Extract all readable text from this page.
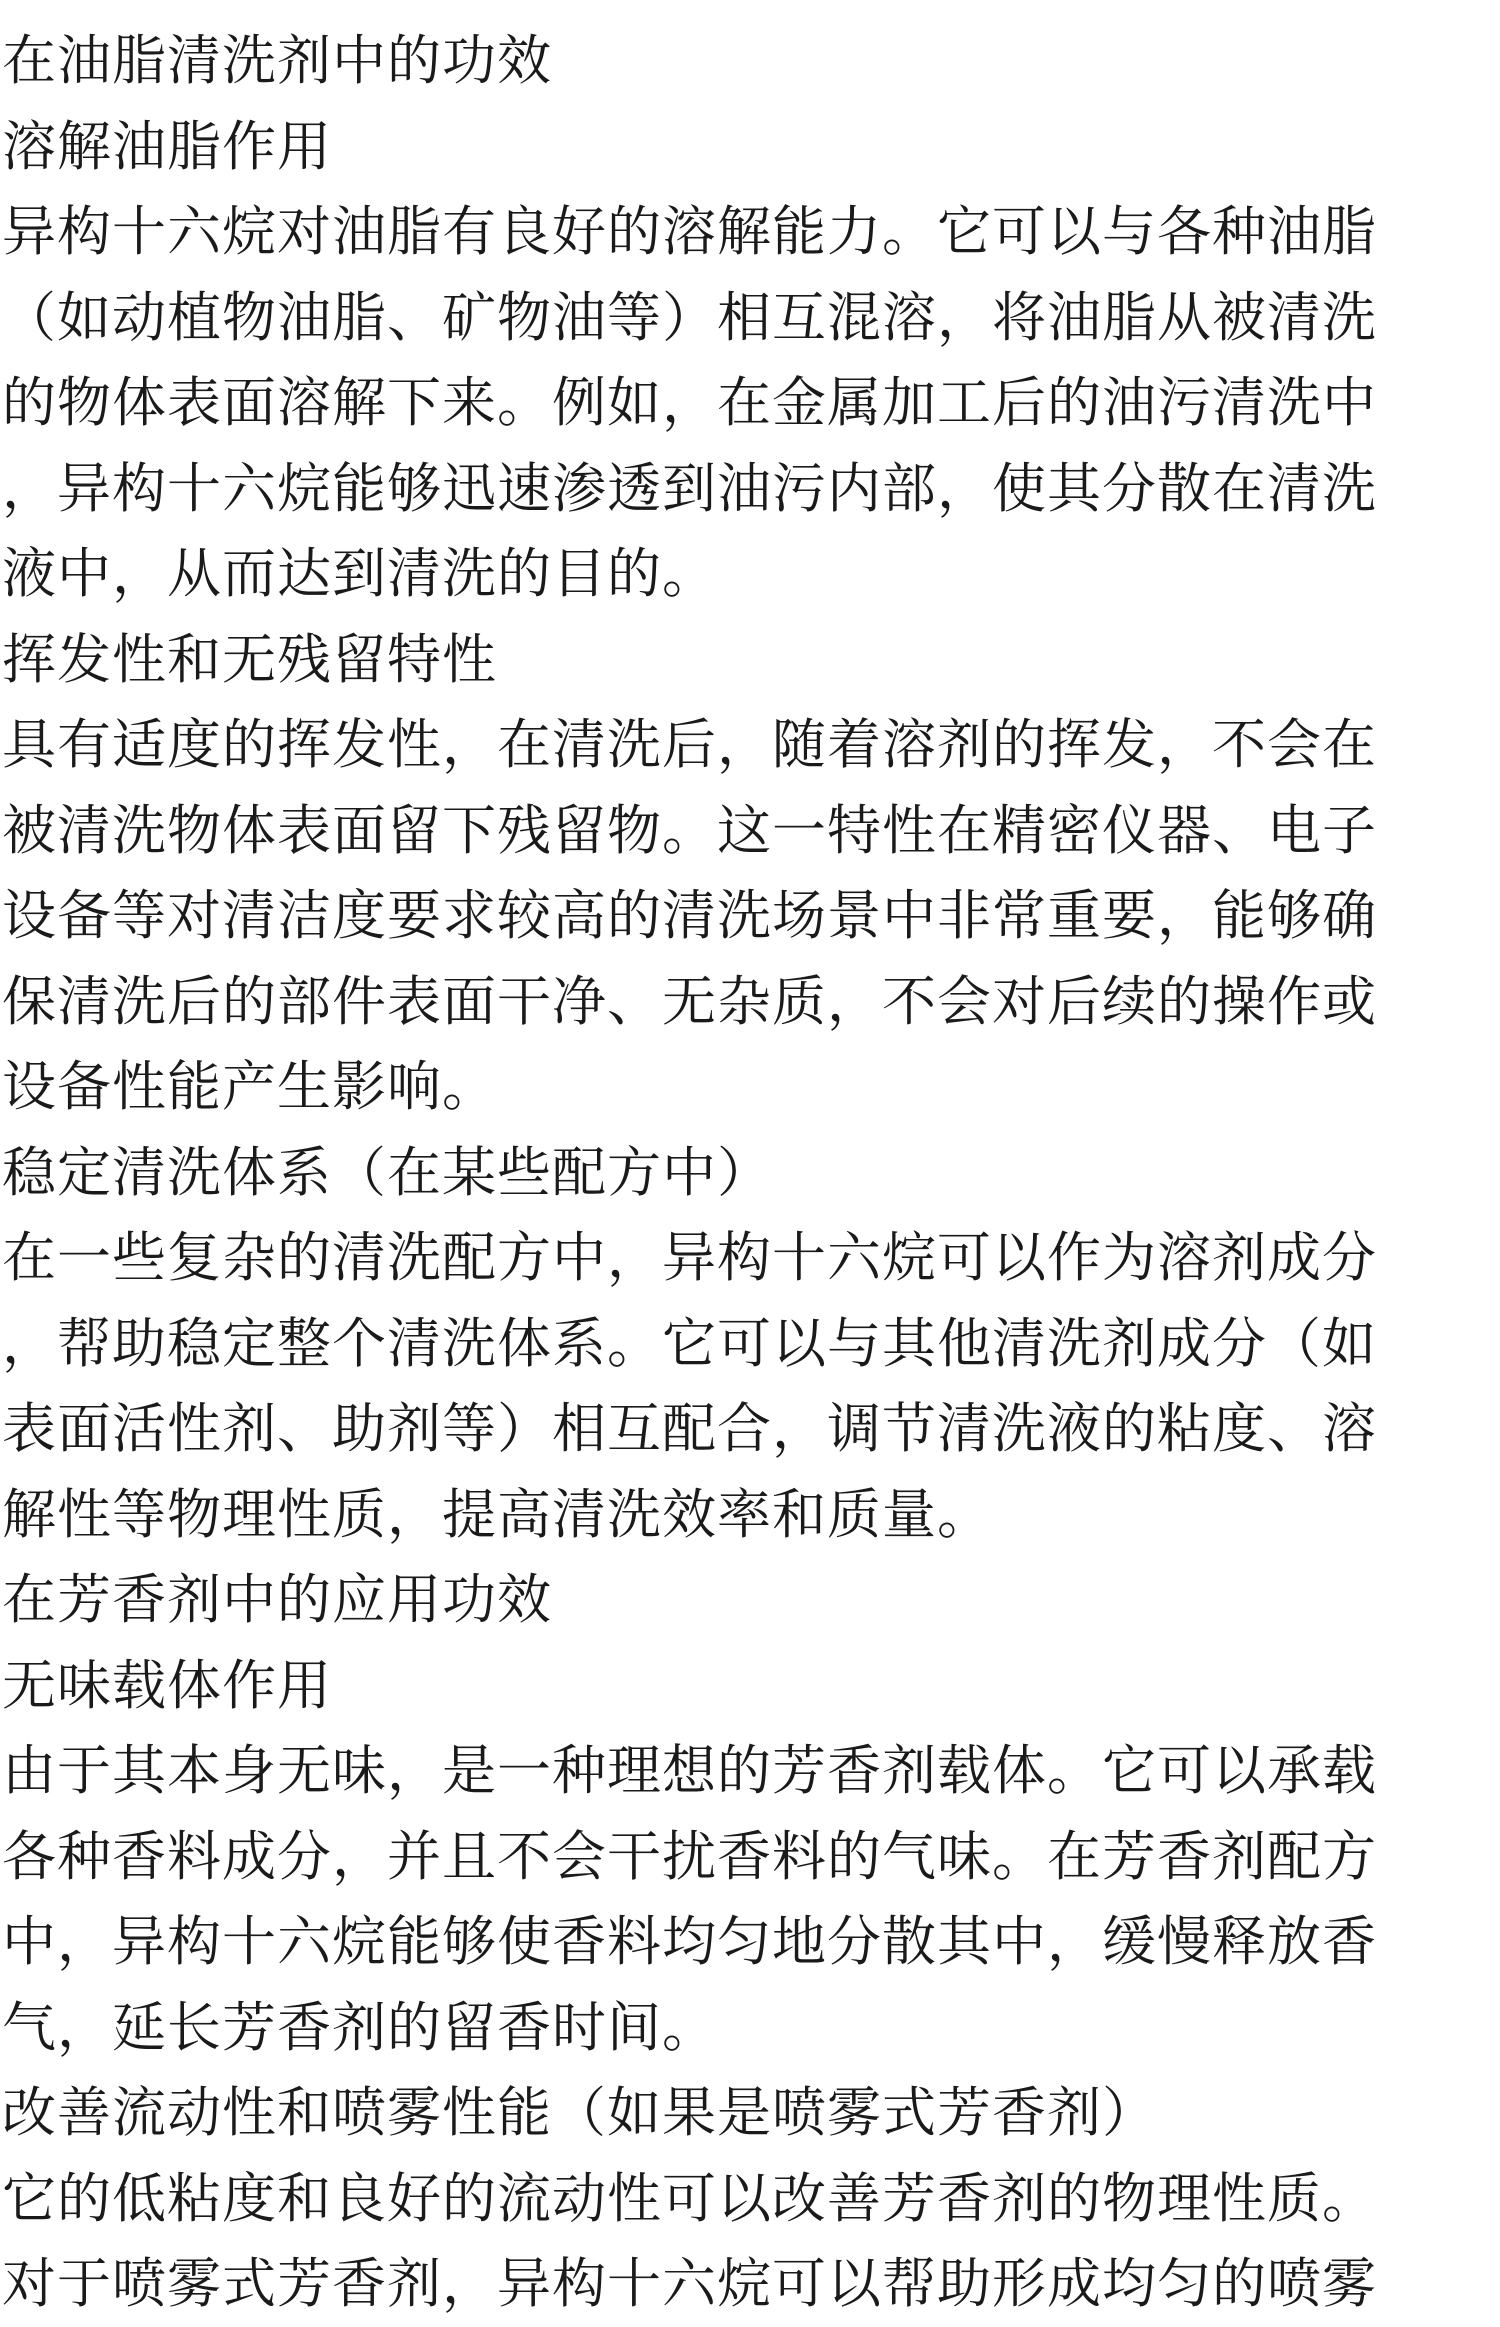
在油脂清洗剂中的功效
溶解油脂作用
异构十六烷对油脂有良好的溶解能力。它可以与各种油脂
（如动植物油脂、矿物油等）相互混溶，将油脂从被清洗
的物体表面溶解下来。例如，在金属加工后的油污清洗中
，异构十六烷能够迅速渗透到油污内部，使其分散在清洗
液中，从而达到清洗的目的。
挥发性和无残留特性
具有适度的挥发性，在清洗后，随着溶剂的挥发，不会在
被清洗物体表面留下残留物。这一特性在精密仪器、电子
设备等对清洁度要求较高的清洗场景中非常重要，能够确
保清洗后的部件表面干净、无杂质，不会对后续的操作或
设备性能产生影响。
稳定清洗体系（在某些配方中）
在一些复杂的清洗配方中，异构十六烷可以作为溶剂成分
，帮助稳定整个清洗体系。它可以与其他清洗剂成分（如
表面活性剂、助剂等）相互配合，调节清洗液的粘度、溶
解性等物理性质，提高清洗效率和质量。
在芳香剂中的应用功效
无味载体作用
由于其本身无味，是一种理想的芳香剂载体。它可以承载
各种香料成分，并且不会干扰香料的气味。在芳香剂配方
中，异构十六烷能够使香料均匀地分散其中，缓慢释放香
气，延长芳香剂的留香时间。
改善流动性和喷雾性能（如果是喷雾式芳香剂）
它的低粘度和良好的流动性可以改善芳香剂的物理性质。
对于喷雾式芳香剂，异构十六烷可以帮助形成均匀的喷雾
